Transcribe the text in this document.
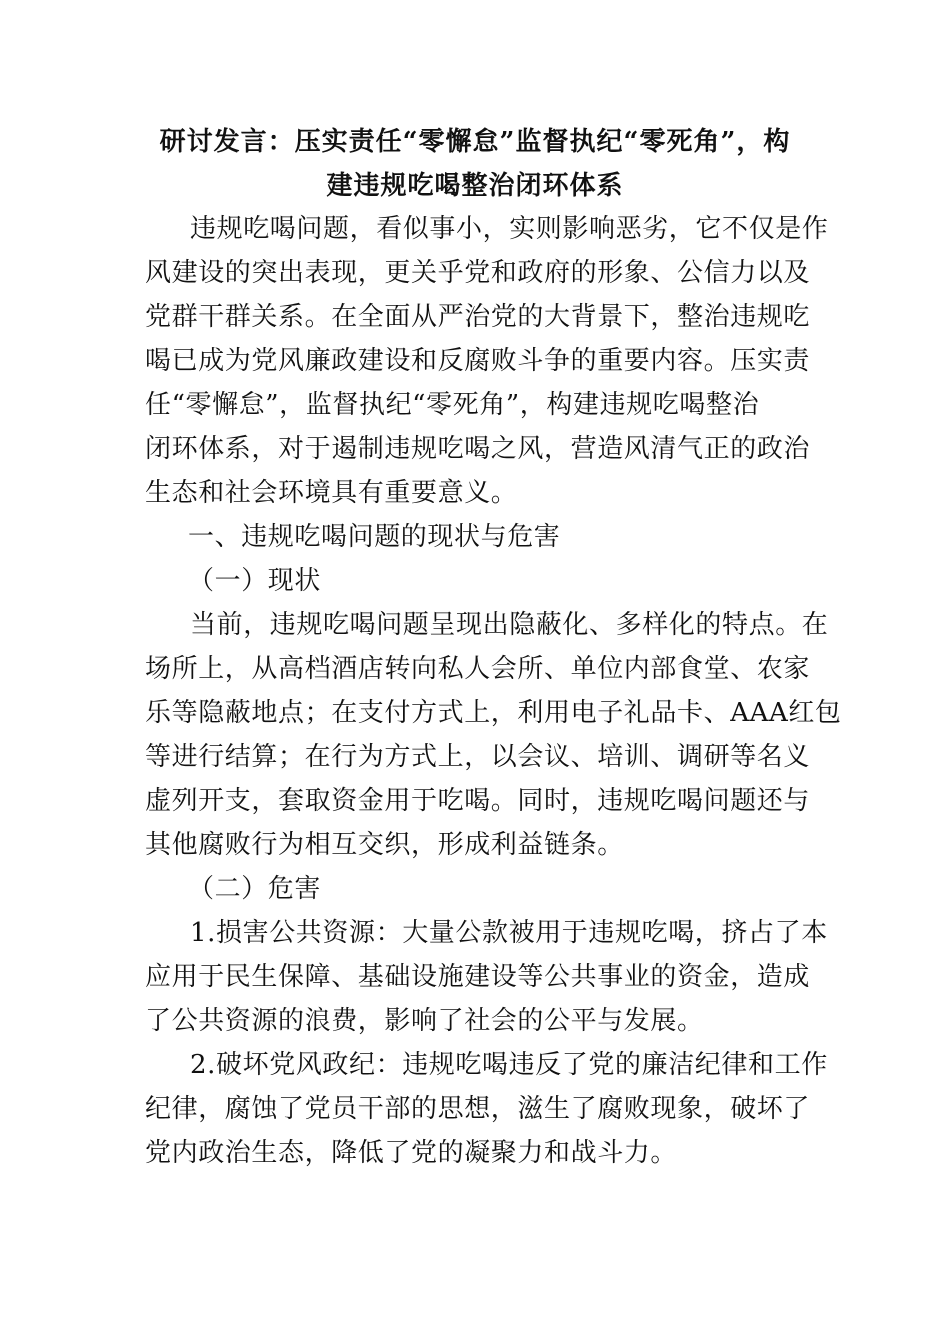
研讨发言：压实责任“零懈怠”监督执纪“零死角”，构
建违规吃喝整治闭环体系
违规吃喝问题，看似事小，实则影响恶劣，它不仅是作
风建设的突出表现，更关乎党和政府的形象、公信力以及
党群干群关系。在全面从严治党的大背景下，整治违规吃
喝已成为党风廉政建设和反腐败斗争的重要内容。压实责
任“零懈怠”，监督执纪“零死角”，构建违规吃喝整治
闭环体系，对于遏制违规吃喝之风，营造风清气正的政治
生态和社会环境具有重要意义。
一、违规吃喝问题的现状与危害
（一）现状
当前，违规吃喝问题呈现出隐蔽化、多样化的特点。在
场所上，从高档酒店转向私人会所、单位内部食堂、农家
乐等隐蔽地点；在支付方式上，利用电子礼品卡、AAA红包
等进行结算；在行为方式上，以会议、培训、调研等名义
虚列开支，套取资金用于吃喝。同时，违规吃喝问题还与
其他腐败行为相互交织，形成利益链条。
（二）危害
1.损害公共资源：大量公款被用于违规吃喝，挤占了本
应用于民生保障、基础设施建设等公共事业的资金，造成
了公共资源的浪费，影响了社会的公平与发展。
2.破坏党风政纪：违规吃喝违反了党的廉洁纪律和工作
纪律，腐蚀了党员干部的思想，滋生了腐败现象，破坏了
党内政治生态，降低了党的凝聚力和战斗力。
